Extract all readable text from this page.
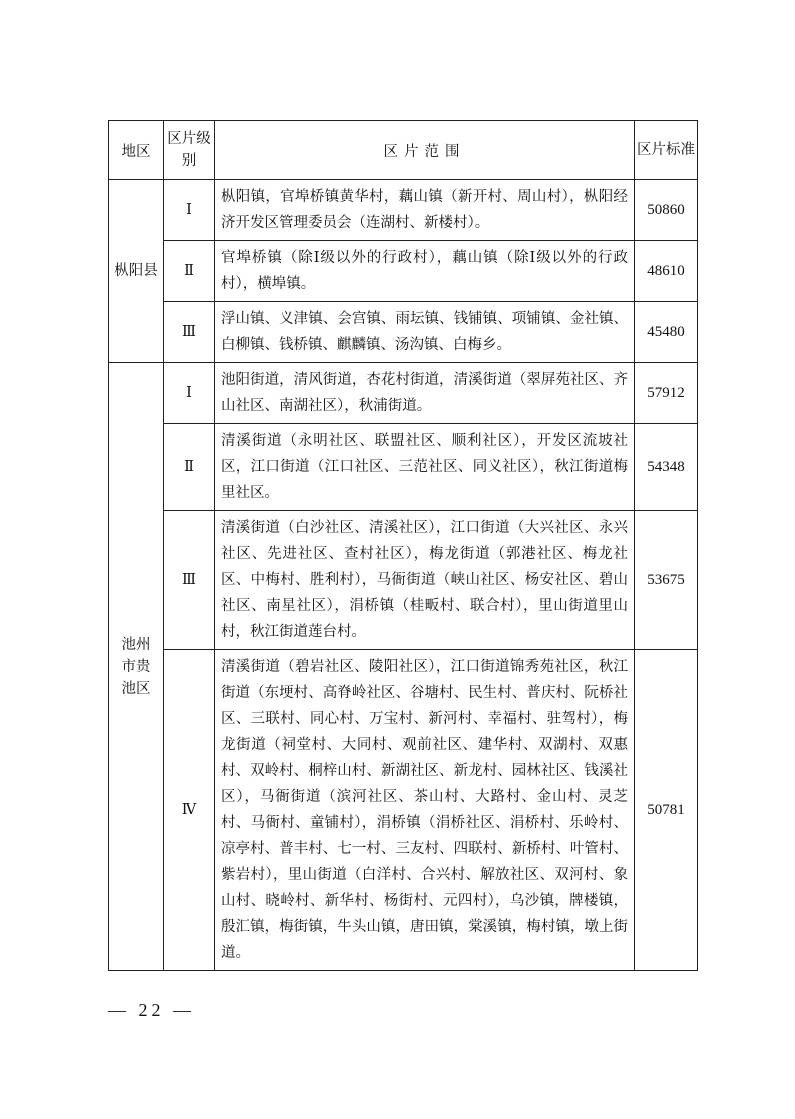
地区	区片级别	区片范围	区片标准
枞阳县	Ⅰ	枞阳镇，官埠桥镇黄华村，藕山镇（新开村、周山村），枞阳经济开发区管理委员会（连湖村、新楼村）。	50860
	Ⅱ	官埠桥镇（除Ⅰ级以外的行政村），藕山镇（除Ⅰ级以外的行政村），横埠镇。	48610
	Ⅲ	浮山镇、义津镇、会宫镇、雨坛镇、钱铺镇、项铺镇、金社镇、白柳镇、钱桥镇、麒麟镇、汤沟镇、白梅乡。	45480
池州市贵池区	Ⅰ	池阳街道，清风街道，杏花村街道，清溪街道（翠屏苑社区、齐山社区、南湖社区），秋浦街道。	57912
	Ⅱ	清溪街道（永明社区、联盟社区、顺利社区），开发区流坡社区，江口街道（江口社区、三范社区、同义社区），秋江街道梅里社区。	54348
	Ⅲ	清溪街道（白沙社区、清溪社区），江口街道（大兴社区、永兴社区、先进社区、查村社区），梅龙街道（郭港社区、梅龙社区、中梅村、胜利村），马衙街道（峡山社区、杨安社区、碧山社区、南星社区），涓桥镇（桂畈村、联合村），里山街道里山村，秋江街道莲台村。	53675
	Ⅳ	清溪街道（碧岩社区、陵阳社区），江口街道锦秀苑社区，秋江街道（东埂村、高脊岭社区、谷塘村、民生村、普庆村、阮桥社区、三联村、同心村、万宝村、新河村、幸福村、驻驾村），梅龙街道（祠堂村、大同村、观前社区、建华村、双湖村、双惠村、双岭村、桐梓山村、新湖社区、新龙村、园林社区、钱溪社区），马衙街道（滨河社区、茶山村、大路村、金山村、灵芝村、马衙村、童铺村），涓桥镇（涓桥社区、涓桥村、乐岭村、凉亭村、普丰村、七一村、三友村、四联村、新桥村、叶管村、紫岩村），里山街道（白洋村、合兴村、解放社区、双河村、象山村、晓岭村、新华村、杨街村、元四村），乌沙镇，牌楼镇，殷汇镇，梅街镇，牛头山镇，唐田镇，棠溪镇，梅村镇，墩上街道。	50781
— 22 —
